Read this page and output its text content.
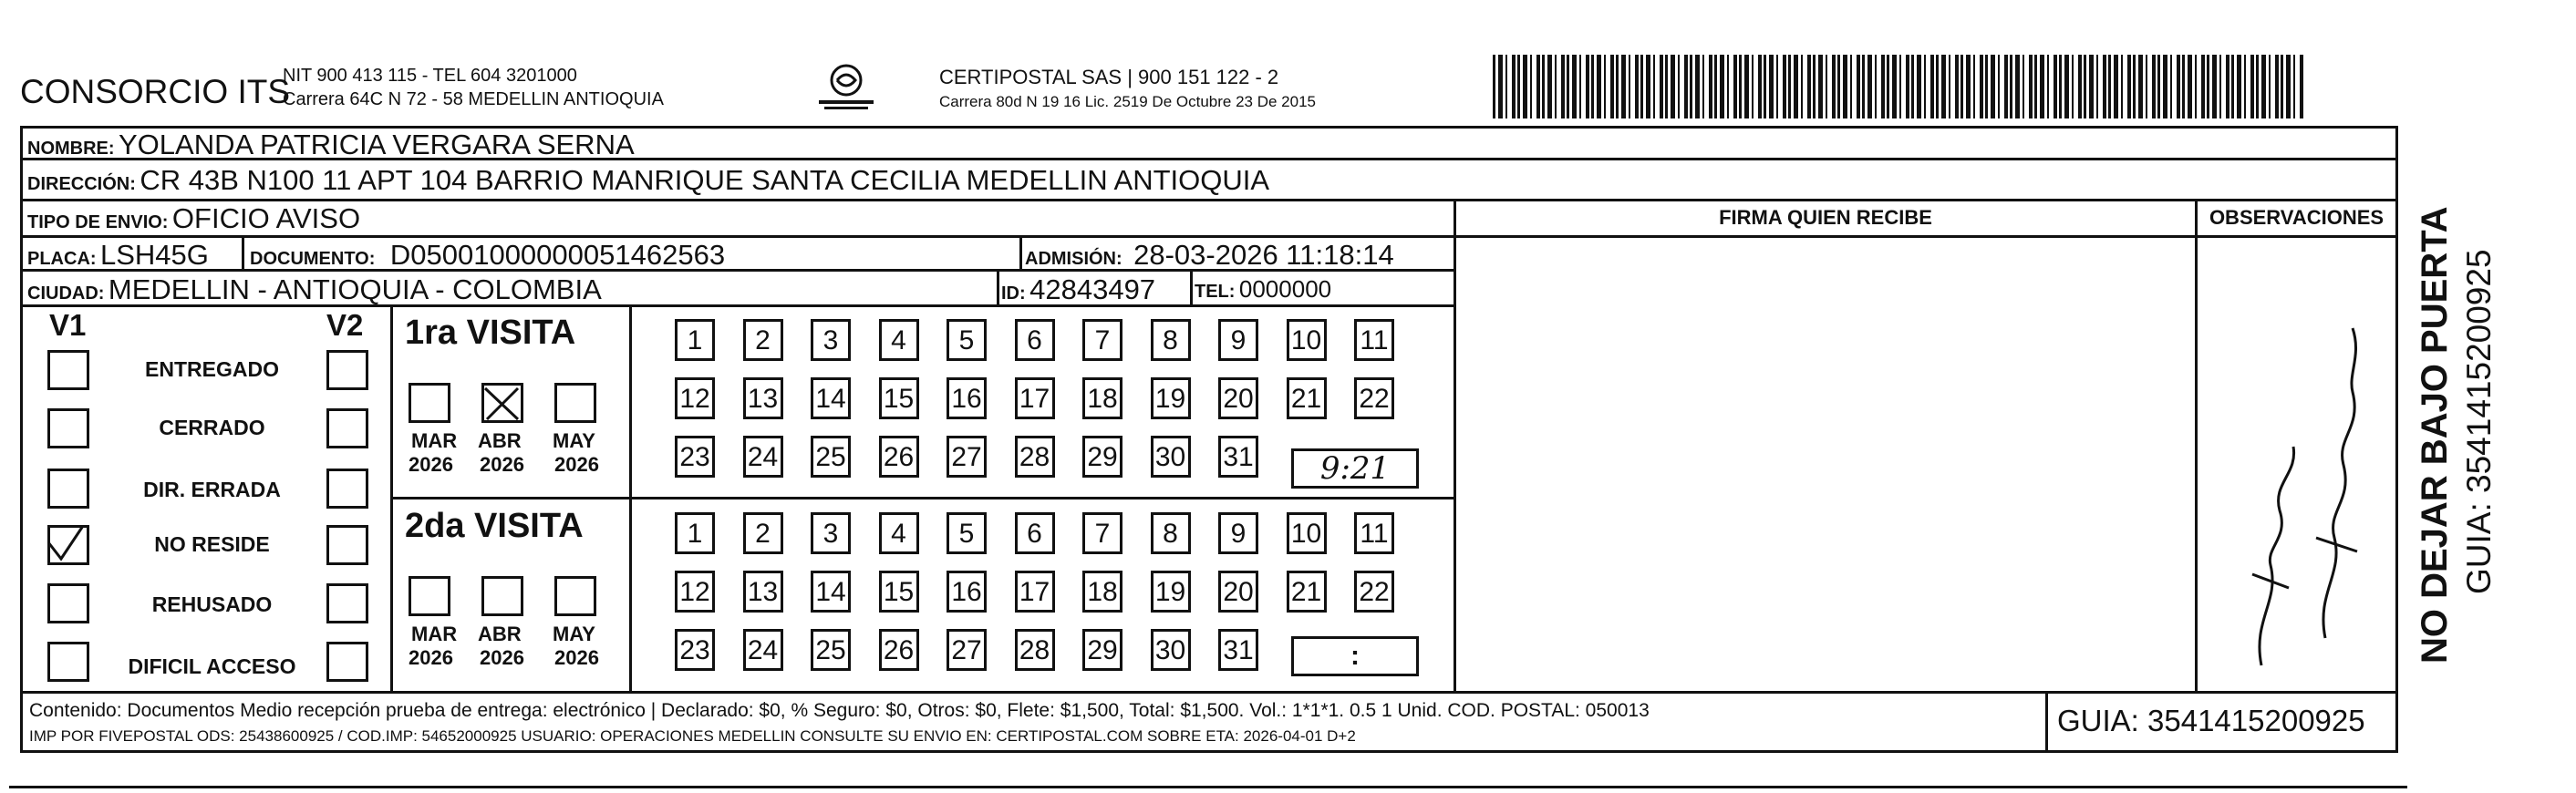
CONSORCIO ITS
NIT 900 413 115 - TEL 604 3201000
Carrera 64C N 72 - 58 MEDELLIN ANTIOQUIA
CERTIPOSTAL SAS | 900 151 122 - 2
Carrera 80d N 19 16 Lic. 2519 De Octubre 23 De 2015
NOMBRE: YOLANDA PATRICIA VERGARA SERNA
DIRECCIÓN: CR 43B N100 11 APT 104 BARRIO MANRIQUE SANTA CECILIA MEDELLIN ANTIOQUIA
TIPO DE ENVIO: OFICIO AVISO	FIRMA QUIEN RECIBE	OBSERVACIONES
PLACA: LSH45G DOCUMENTO: D05001000000051462563	ADMISIÓN: 28-03-2026 11:18:14
CIUDAD: MEDELLIN - ANTIOQUIA - COLOMBIA	ID: 42843497 TEL: 0000000
V1	V2
ENTREGADO
CERRADO
DIR. ERRADA
NO RESIDE
REHUSADO
DIFICIL ACCESO
1ra VISITA
MAR ABR MAY
2026 2026 2026
1	2	3	4	5	6	7	8	9	10 11
12 13 14 15 16 17 18 19 20 21 22
23 24 25 26 27 28 29 30 31	9:21
2da VISITA
MAR ABR MAY
2026 2026 2026
1	2	3	4	5	6	7	8	9	10 11
12 13 14 15 16 17 18 19 20 21 22
23 24 25 26 27 28 29 30 31	:
Contenido: Documentos Medio recepción prueba de entrega: electrónico | Declarado: $0, % Seguro: $0, Otros: $0, Flete: $1,500, Total: $1,500. Vol.: 1*1*1. 0.5 1 Unid. COD. POSTAL: 050013
IMP POR FIVEPOSTAL ODS: 25438600925 / COD.IMP: 54652000925 USUARIO: OPERACIONES MEDELLIN CONSULTE SU ENVIO EN: CERTIPOSTAL.COM SOBRE ETA: 2026-04-01 D+2	GUIA: 3541415200925
NO DEJAR BAJO PUERTA GUIA: 3541415200925
